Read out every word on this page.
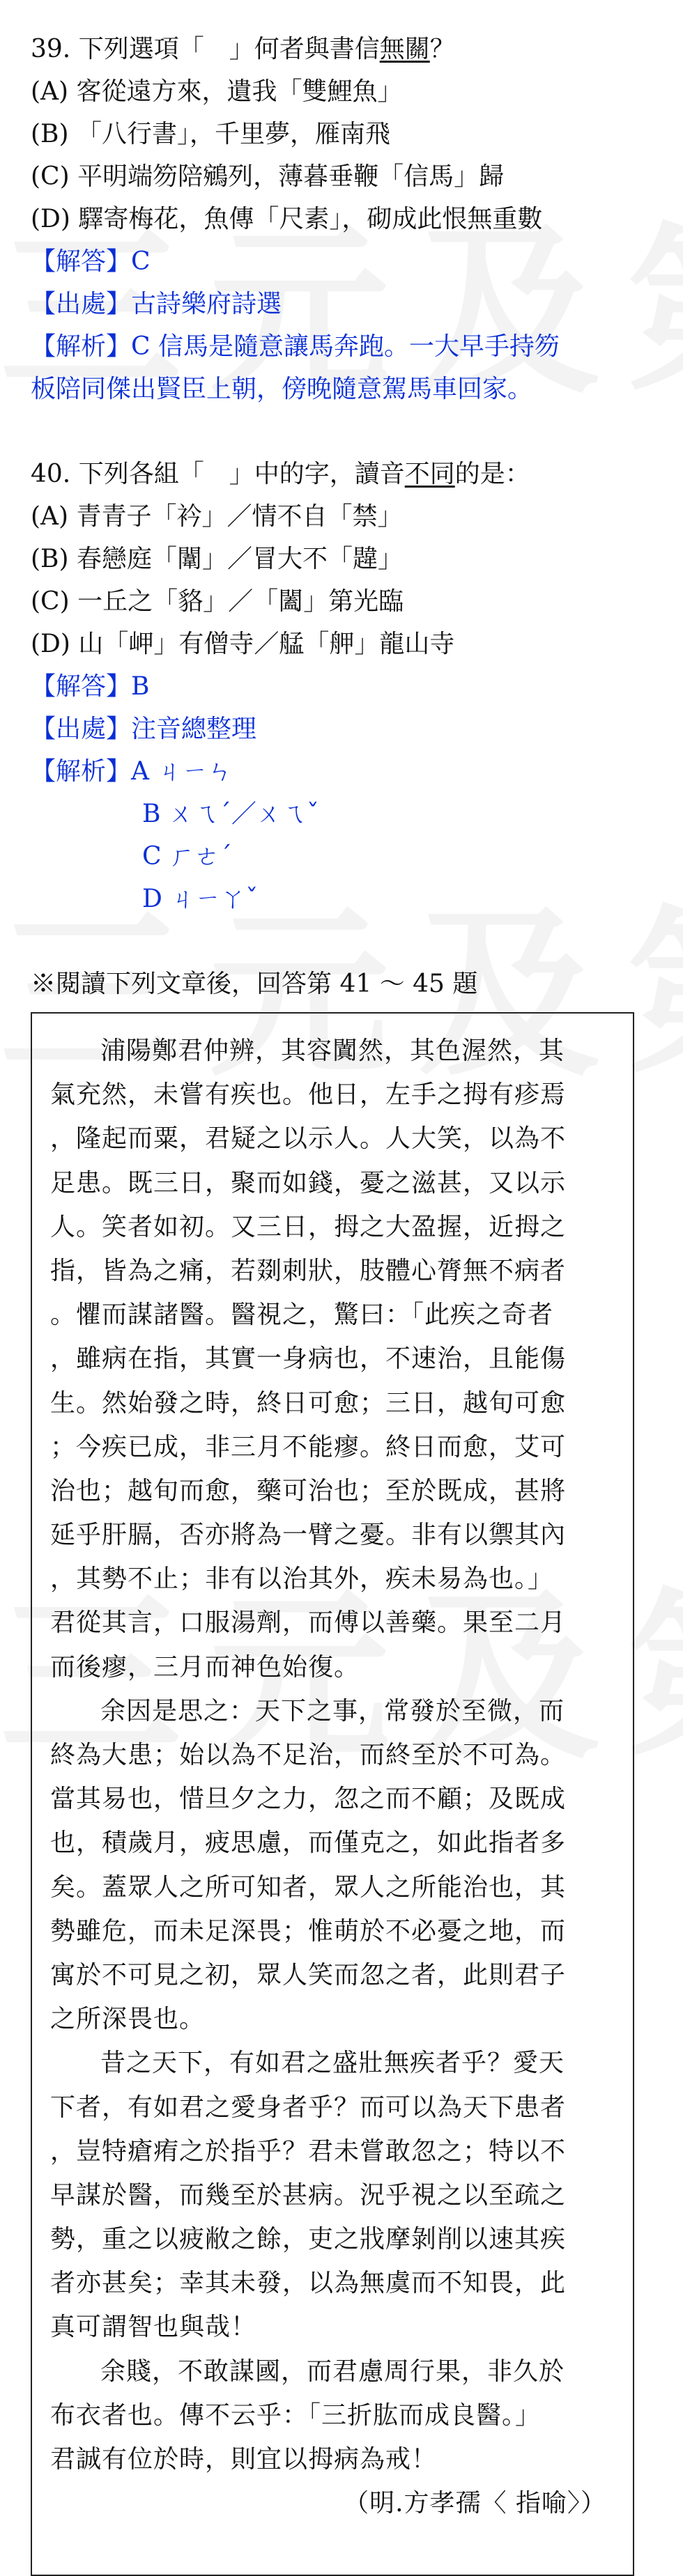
39. 下列選項「　」何者與書信無關？
(A) 客從遠方來，遺我「雙鯉魚」
(B) 「八行書」，千里夢，雁南飛
(C) 平明端笏陪鵷列，薄暮垂鞭「信馬」歸
(D) 驛寄梅花，魚傳「尺素」，砌成此恨無重數
【解答】C
【出處】古詩樂府詩選
【解析】C 信馬是隨意讓馬奔跑。一大早手持笏
板陪同傑出賢臣上朝，傍晚隨意駕馬車回家。
40. 下列各組「　」中的字，讀音不同的是：
(A) 青青子「衿」／情不自「禁」
(B) 春戀庭「闈」／冒大不「韙」
(C) 一丘之「貉」／「闔」第光臨
(D) 山「岬」有僧寺／艋「舺」龍山寺
【解答】B
【出處】注音總整理
【解析】A ㄐㄧㄣ
B ㄨㄟˊ／ㄨㄟˇ
C ㄏㄜˊ
D ㄐㄧㄚˇ
※閱讀下列文章後，回答第 41 ～ 45 題
浦陽鄭君仲辨，其容闐然，其色渥然，其
氣充然，未嘗有疾也。他日，左手之拇有疹焉
，隆起而粟，君疑之以示人。人大笑，以為不
足患。既三日，聚而如錢，憂之滋甚，又以示
人。笑者如初。又三日，拇之大盈握，近拇之
指，皆為之痛，若剟刺狀，肢體心膂無不病者
。懼而謀諸醫。醫視之，驚曰：「此疾之奇者
，雖病在指，其實一身病也，不速治，且能傷
生。然始發之時，終日可愈；三日，越旬可愈
；今疾已成，非三月不能瘳。終日而愈，艾可
治也；越旬而愈，藥可治也；至於既成，甚將
延乎肝膈，否亦將為一臂之憂。非有以禦其內
，其勢不止；非有以治其外，疾未易為也。」
君從其言，口服湯劑，而傅以善藥。果至二月
而後瘳，三月而神色始復。
余因是思之：天下之事，常發於至微，而
終為大患；始以為不足治，而終至於不可為。
當其易也，惜旦夕之力，忽之而不顧；及既成
也，積歲月，疲思慮，而僅克之，如此指者多
矣。蓋眾人之所可知者，眾人之所能治也，其
勢雖危，而未足深畏；惟萌於不必憂之地，而
寓於不可見之初，眾人笑而忽之者，此則君子
之所深畏也。
昔之天下，有如君之盛壯無疾者乎？愛天
下者，有如君之愛身者乎？而可以為天下患者
，豈特瘡痏之於指乎？君未嘗敢忽之；特以不
早謀於醫，而幾至於甚病。況乎視之以至疏之
勢，重之以疲敝之餘，吏之戕摩剝削以速其疾
者亦甚矣；幸其未發，以為無虞而不知畏，此
真可謂智也與哉！
余賤，不敢謀國，而君慮周行果，非久於
布衣者也。傳不云乎：「三折肱而成良醫。」
君誠有位於時，則宜以拇病為戒！
（明.方孝孺〈 指喻〉）
